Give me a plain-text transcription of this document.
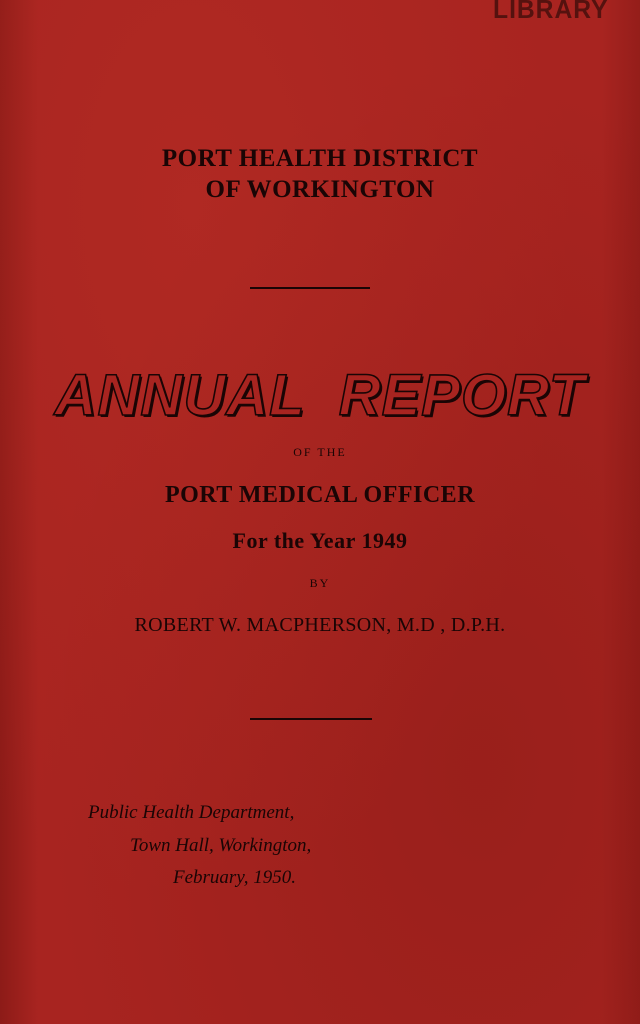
LIBRARY
PORT HEALTH DISTRICT
OF WORKINGTON
ANNUAL  REPORT
OF THE
PORT MEDICAL OFFICER
For the Year 1949
BY
ROBERT W. MACPHERSON, M.D , D.P.H.
Public Health Department,
Town Hall, Workington,
February, 1950.
